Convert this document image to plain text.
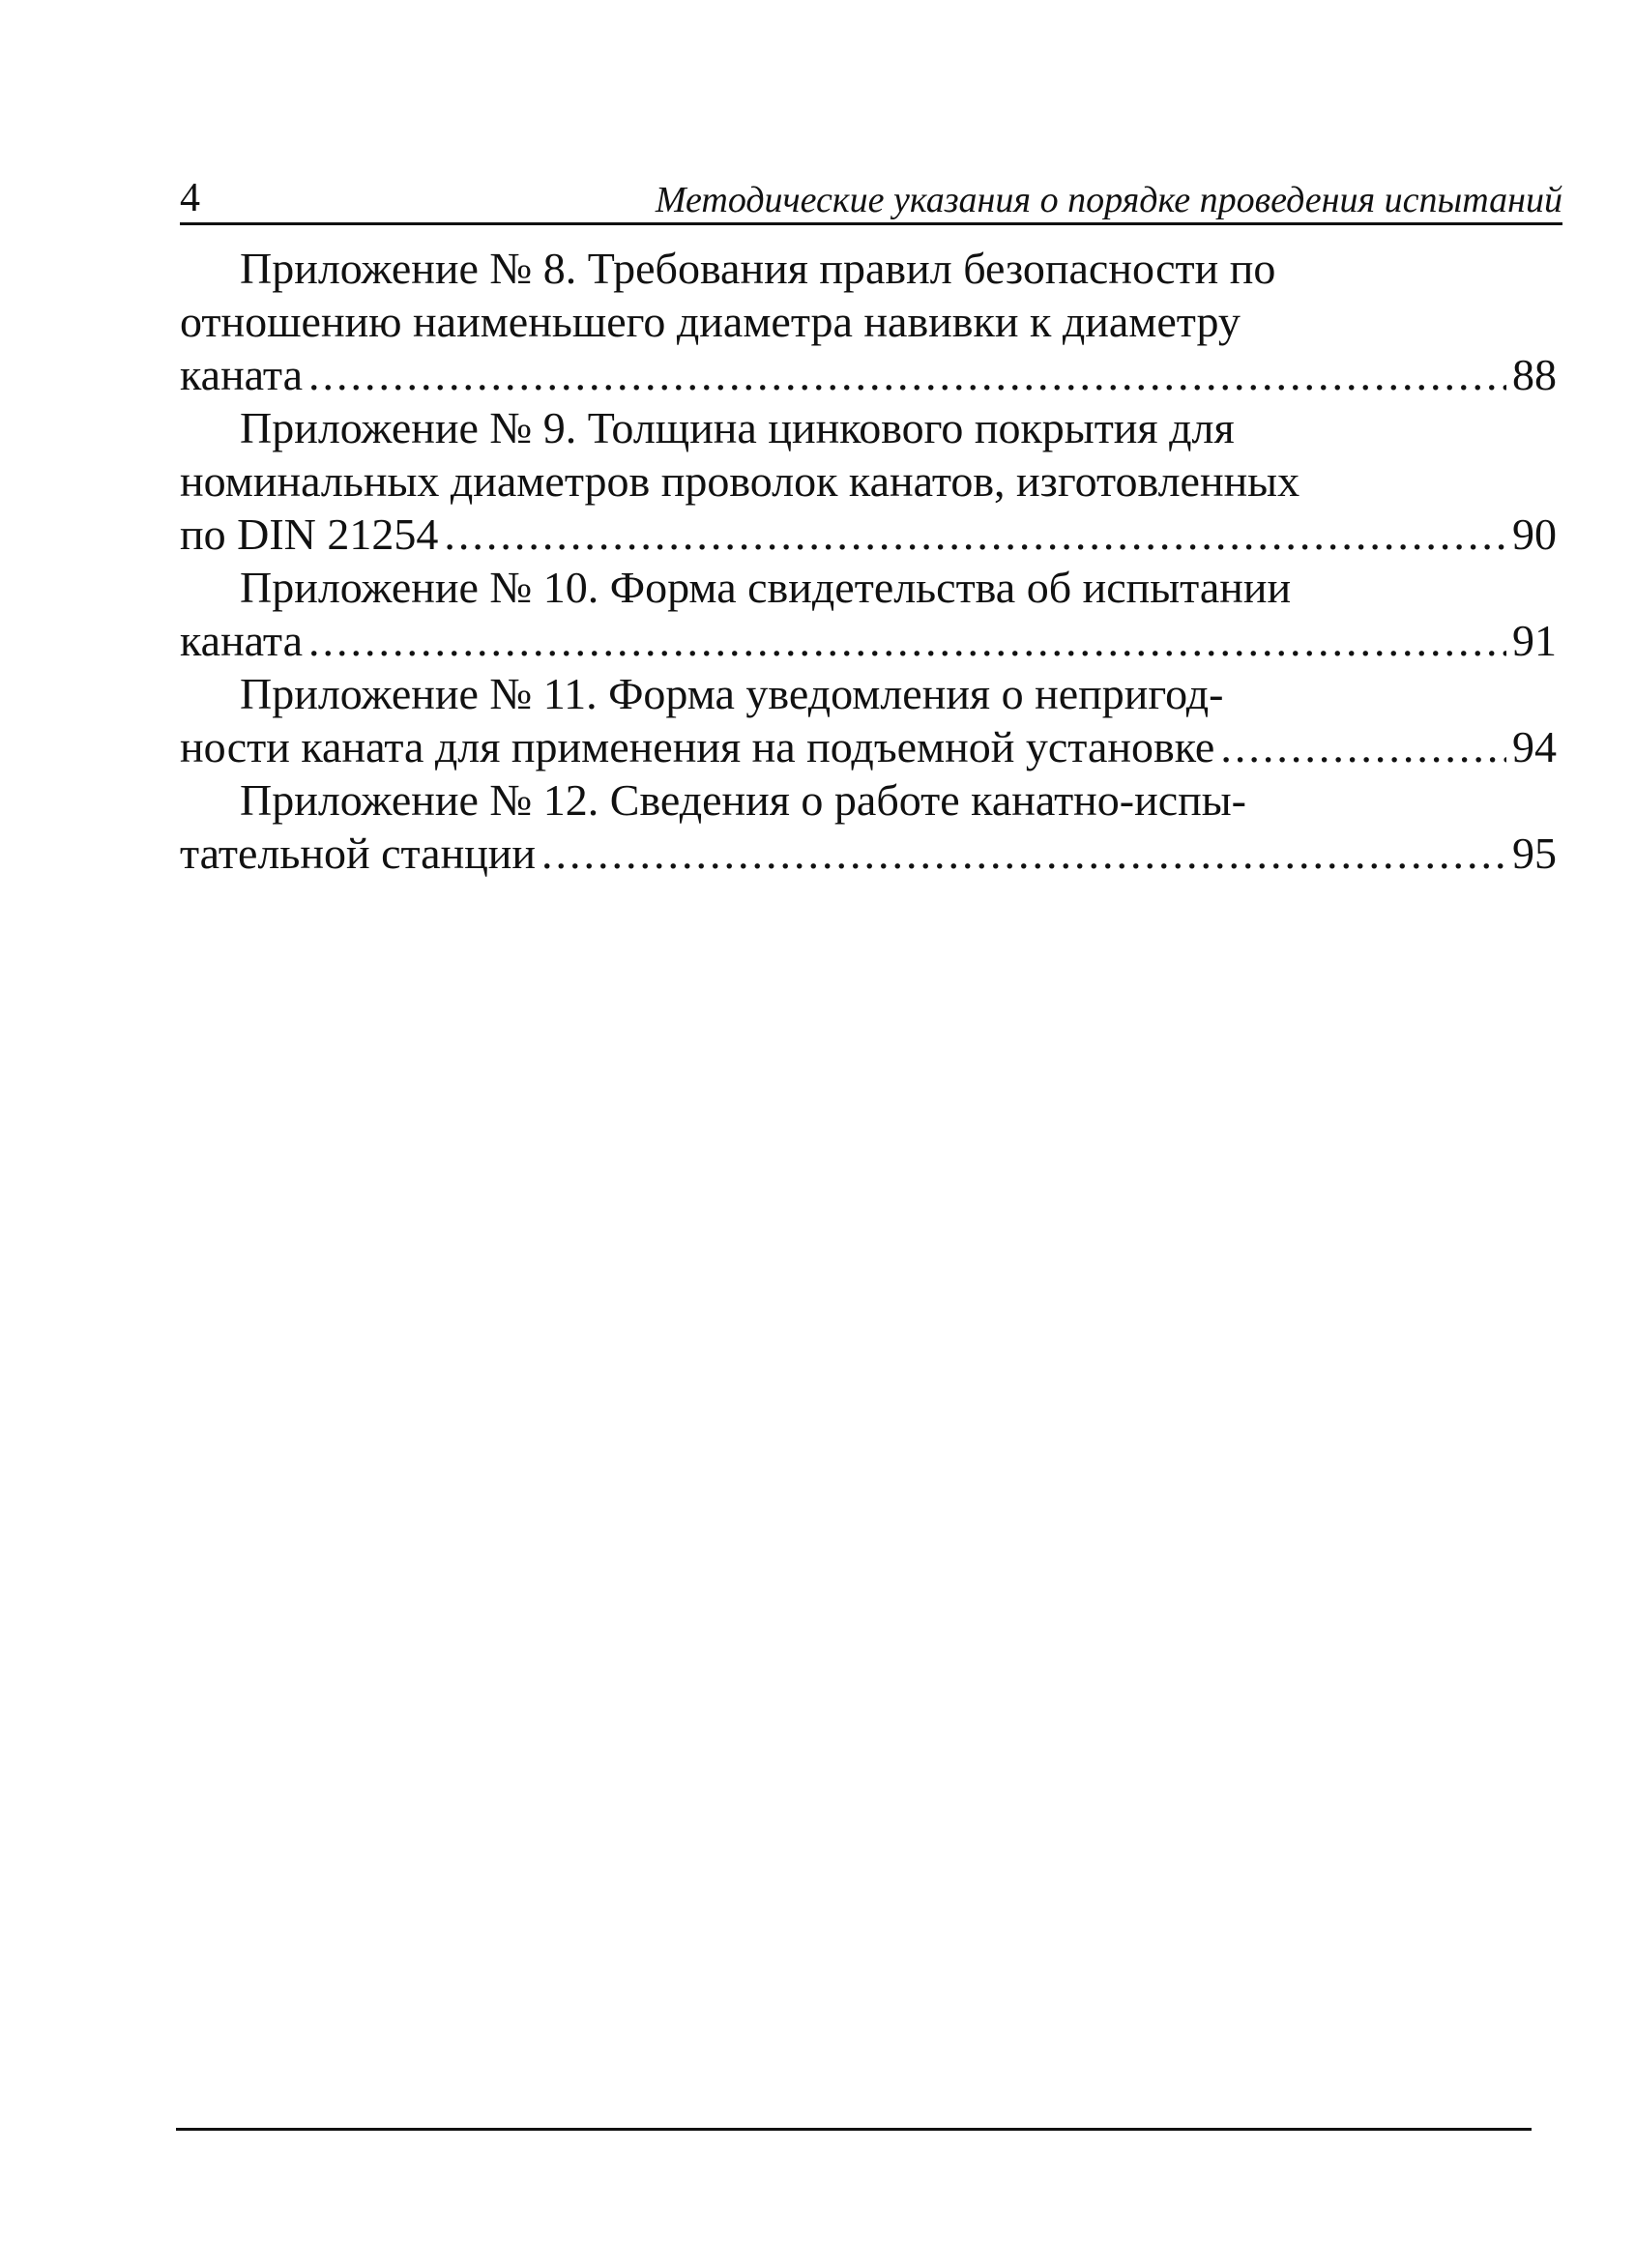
4	Методические указания о порядке проведения испытаний
Приложение № 8. Требования правил безопасности по
отношению наименьшего диаметра навивки к диаметру
каната .....	88
Приложение № 9. Толщина цинкового покрытия для
номинальных диаметров проволок канатов, изготовленных
по DIN 21254 .....	90
Приложение № 10. Форма свидетельства об испытании
каната .....	91
Приложение № 11. Форма уведомления о непригод-
ности каната для применения на подъемной установке .....	94
Приложение № 12. Сведения о работе канатно-испы-
тательной станции .....	95
